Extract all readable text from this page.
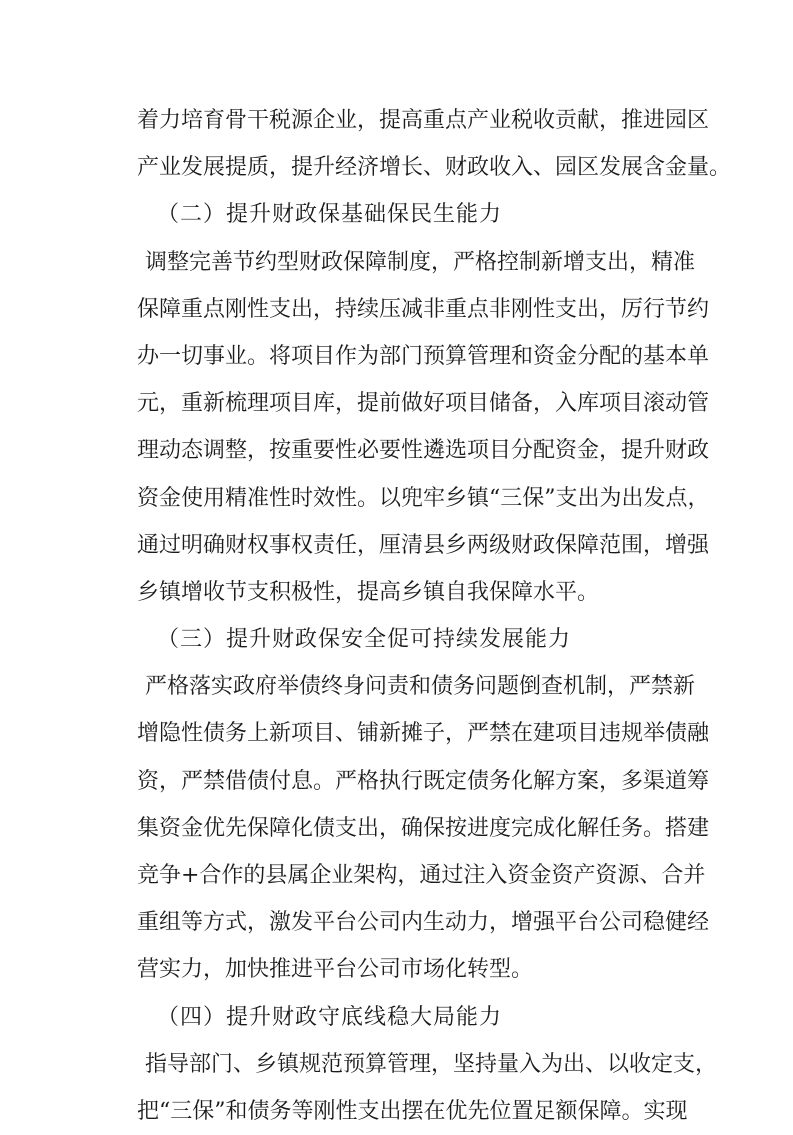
着力培育骨干税源企业，提高重点产业税收贡献，推进园区
产业发展提质，提升经济增长、财政收入、园区发展含金量。
（二）提升财政保基础保民生能力
调整完善节约型财政保障制度，严格控制新增支出，精准
保障重点刚性支出，持续压减非重点非刚性支出，厉行节约
办一切事业。将项目作为部门预算管理和资金分配的基本单
元，重新梳理项目库，提前做好项目储备，入库项目滚动管
理动态调整，按重要性必要性遴选项目分配资金，提升财政
资金使用精准性时效性。以兜牢乡镇“三保”支出为出发点，
通过明确财权事权责任，厘清县乡两级财政保障范围，增强
乡镇增收节支积极性，提高乡镇自我保障水平。
（三）提升财政保安全促可持续发展能力
严格落实政府举债终身问责和债务问题倒查机制，严禁新
增隐性债务上新项目、铺新摊子，严禁在建项目违规举债融
资，严禁借债付息。严格执行既定债务化解方案，多渠道筹
集资金优先保障化债支出，确保按进度完成化解任务。搭建
竞争+合作的县属企业架构，通过注入资金资产资源、合并
重组等方式，激发平台公司内生动力，增强平台公司稳健经
营实力，加快推进平台公司市场化转型。
（四）提升财政守底线稳大局能力
指导部门、乡镇规范预算管理，坚持量入为出、以收定支，
把“三保”和债务等刚性支出摆在优先位置足额保障。实现
